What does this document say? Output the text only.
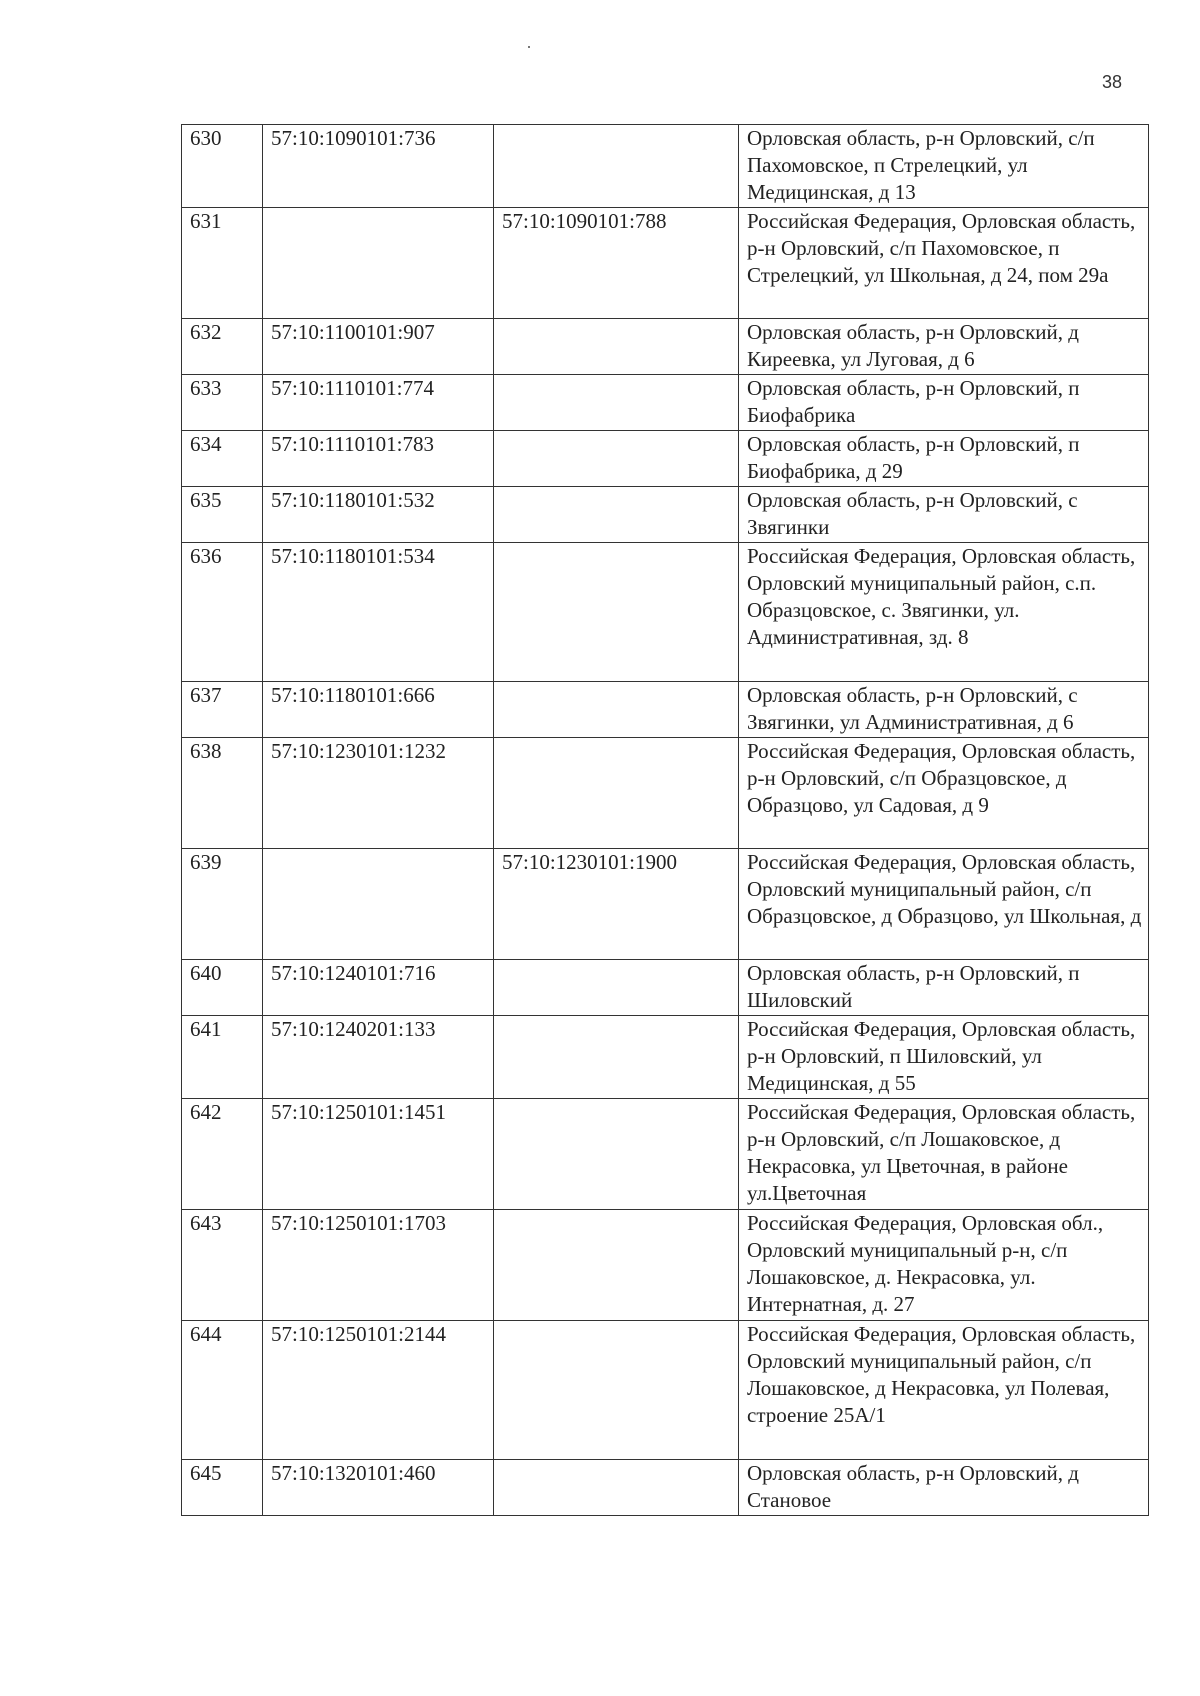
38
630	57:10:1090101:736		Орловская область, р-н Орловский, с/п Пахомовское, п Стрелецкий, ул Медицинская, д 13
631		57:10:1090101:788	Российская Федерация, Орловская область, р-н Орловский, с/п Пахомовское, п Стрелецкий, ул Школьная, д 24, пом 29а
632	57:10:1100101:907		Орловская область, р-н Орловский, д Киреевка, ул Луговая, д 6
633	57:10:1110101:774		Орловская область, р-н Орловский, п Биофабрика
634	57:10:1110101:783		Орловская область, р-н Орловский, п Биофабрика, д 29
635	57:10:1180101:532		Орловская область, р-н Орловский, с Звягинки
636	57:10:1180101:534		Российская Федерация, Орловская область, Орловский муниципальный район, с.п. Образцовское, с. Звягинки, ул. Административная, зд. 8
637	57:10:1180101:666		Орловская область, р-н Орловский, с Звягинки, ул Административная, д 6
638	57:10:1230101:1232		Российская Федерация, Орловская область, р-н Орловский, с/п Образцовское, д Образцово, ул Садовая, д 9
639		57:10:1230101:1900	Российская Федерация, Орловская область, Орловский муниципальный район, с/п Образцовское, д Образцово, ул Школьная, д
640	57:10:1240101:716		Орловская область, р-н Орловский, п Шиловский
641	57:10:1240201:133		Российская Федерация, Орловская область, р-н Орловский, п Шиловский, ул Медицинская, д 55
642	57:10:1250101:1451		Российская Федерация, Орловская область, р-н Орловский, с/п Лошаковское, д Некрасовка, ул Цветочная, в районе ул.Цветочная
643	57:10:1250101:1703		Российская Федерация, Орловская обл., Орловский муниципальный р-н, с/п Лошаковское, д. Некрасовка, ул. Интернатная, д. 27
644	57:10:1250101:2144		Российская Федерация, Орловская область, Орловский муниципальный район, с/п Лошаковское, д Некрасовка, ул Полевая, строение 25А/1
645	57:10:1320101:460		Орловская область, р-н Орловский, д Становое
